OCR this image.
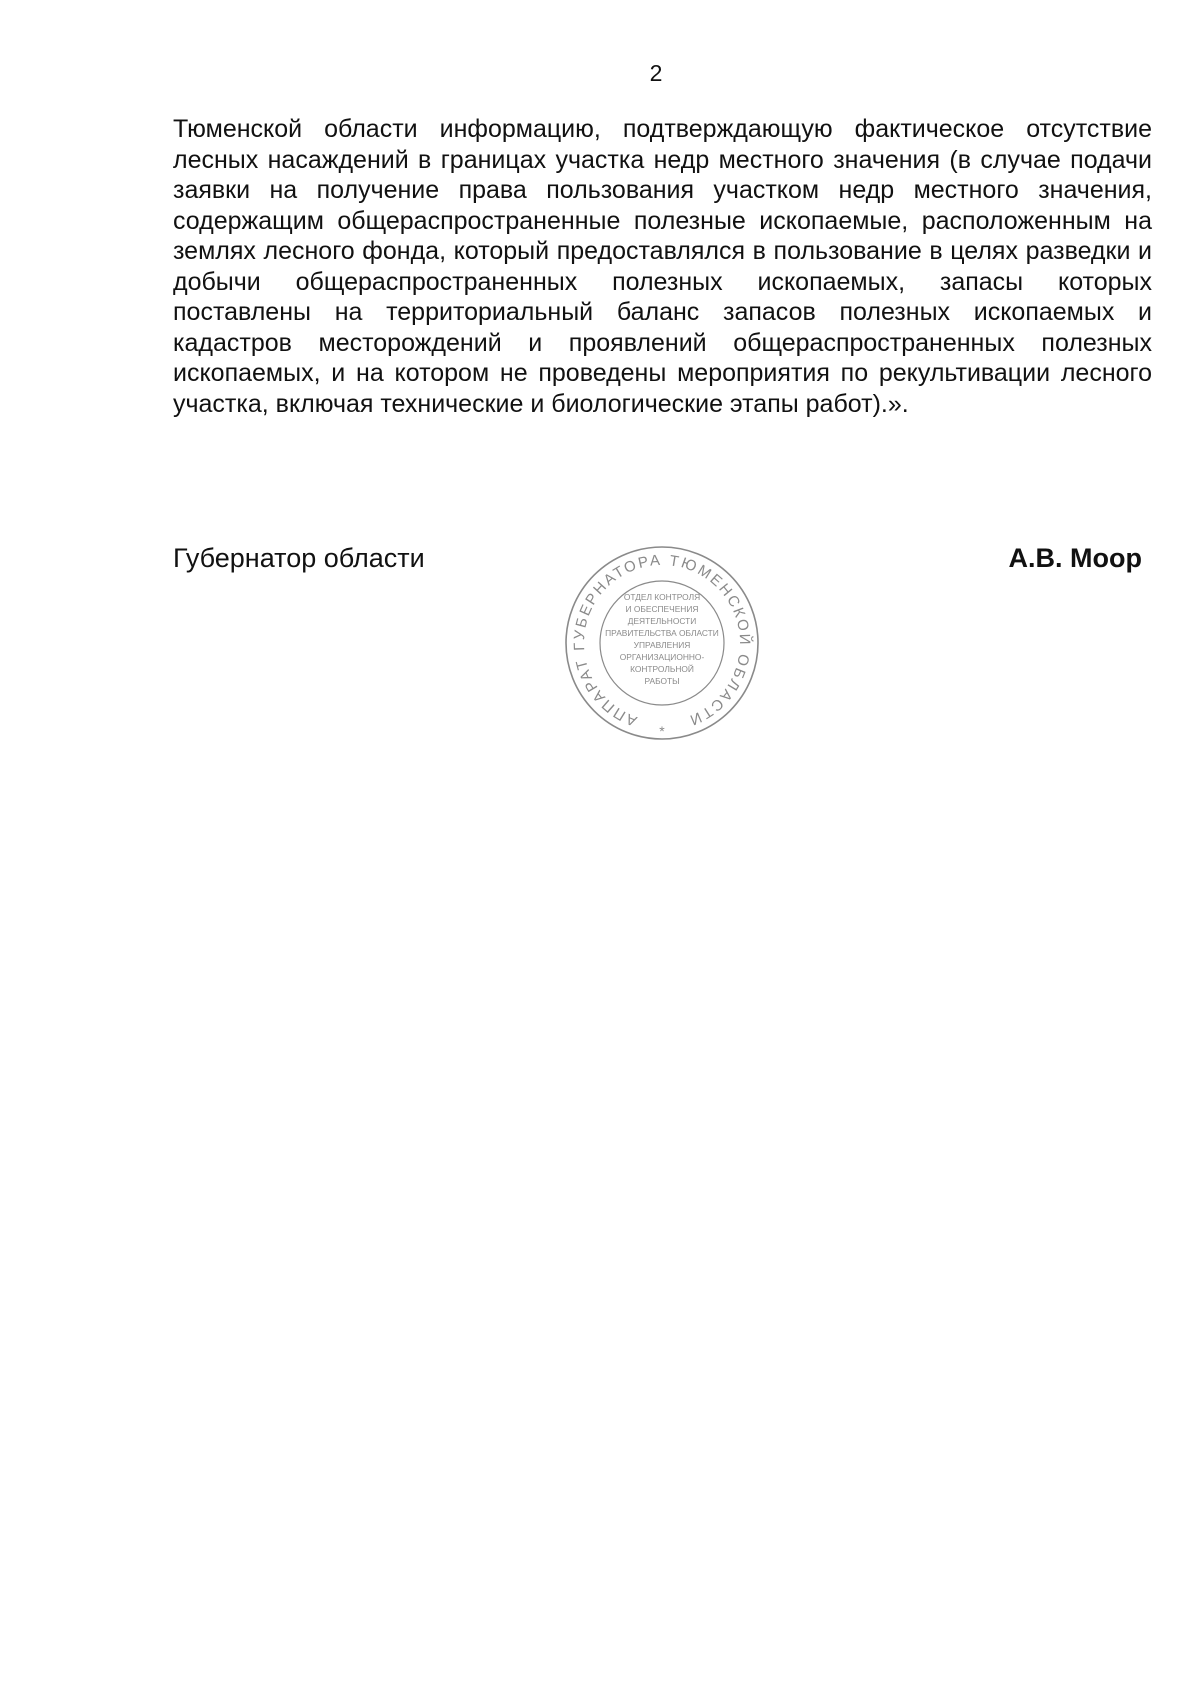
2

Тюменской области информацию, подтверждающую фактическое отсутствие лесных насаждений в границах участка недр местного значения (в случае подачи заявки на получение права пользования участком недр местного значения, содержащим общераспространенные полезные ископаемые, расположенным на землях лесного фонда, который предоставлялся в пользование в целях разведки и добычи общераспространенных полезных ископаемых, запасы которых поставлены на территориальный баланс запасов полезных ископаемых и кадастров месторождений и проявлений общераспространенных полезных ископаемых, и на котором не проведены мероприятия по рекультивации лесного участка, включая технические и биологические этапы работ).».

Губернатор области
АППАРАТ ГУБЕРНАТОРА ТЮМЕНСКОЙ ОБЛАСТИ
*
ОТДЕЛ КОНТРОЛЯ
И ОБЕСПЕЧЕНИЯ
ДЕЯТЕЛЬНОСТИ
ПРАВИТЕЛЬСТВА ОБЛАСТИ
УПРАВЛЕНИЯ
ОРГАНИЗАЦИОННО-
КОНТРОЛЬНОЙ
РАБОТЫ
А.В. Моор
